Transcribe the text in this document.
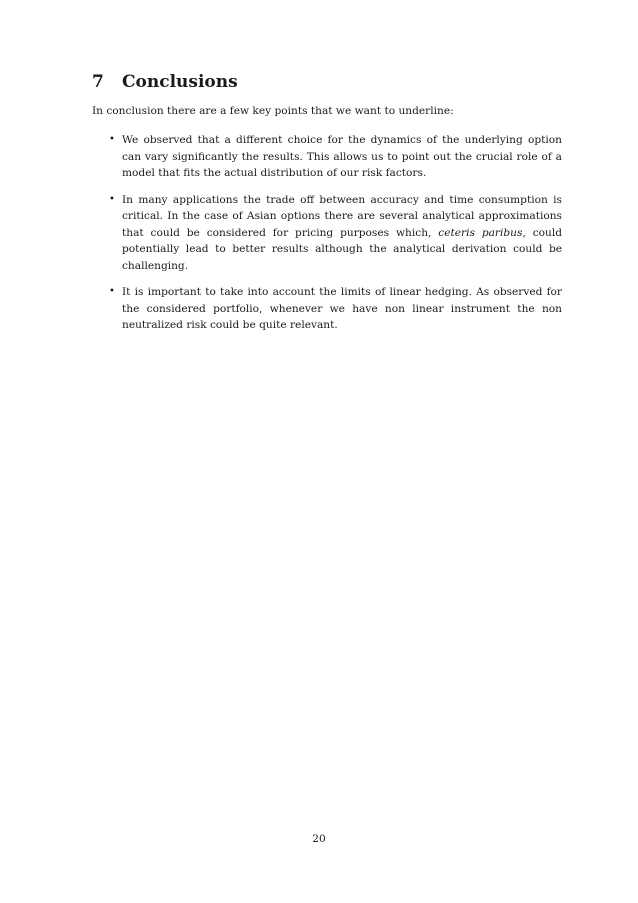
7 Conclusions

In conclusion there are a few key points that we want to underline:

• We observed that a different choice for the dynamics of the underlying option can vary significantly the results. This allows us to point out the crucial role of a model that fits the actual distribution of our risk factors.
• In many applications the trade off between accuracy and time consumption is critical. In the case of Asian options there are several analytical approximations that could be considered for pricing purposes which, ceteris paribus, could potentially lead to better results although the analytical derivation could be challenging.
• It is important to take into account the limits of linear hedging. As observed for the considered portfolio, whenever we have non linear instrument the non neutralized risk could be quite relevant.
20
